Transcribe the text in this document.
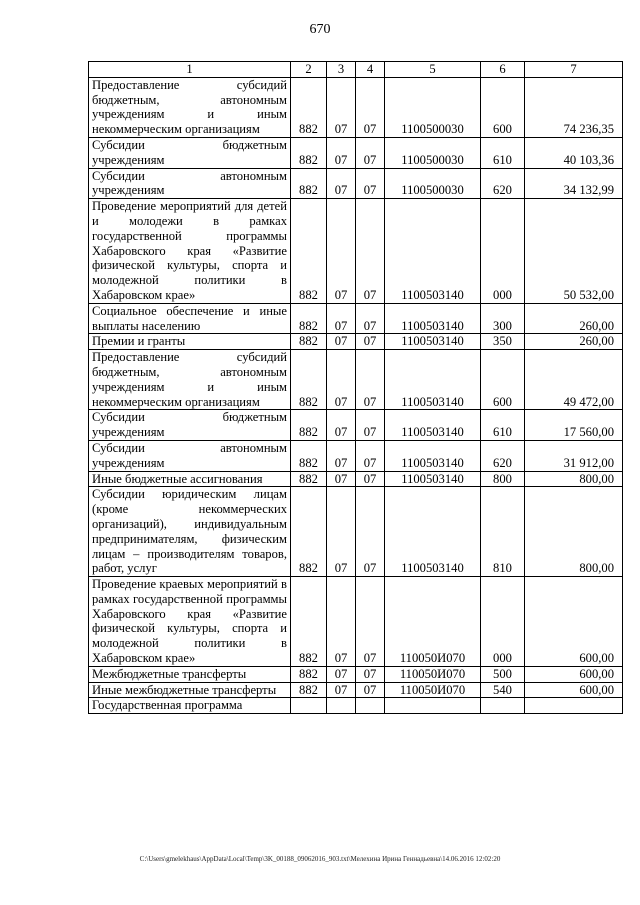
670
1	2	3	4	5	6	7
Предоставление субсидий бюджетным, автономным учреждениям и иным некоммерческим организациям	882	07	07	1100500030	600	74 236,35
Субсидии бюджетным учреждениям	882	07	07	1100500030	610	40 103,36
Субсидии автономным учреждениям	882	07	07	1100500030	620	34 132,99
Проведение мероприятий для детей и молодежи в рамках государственной программы Хабаровского края «Развитие физической культуры, спорта и молодежной политики в Хабаровском крае»	882	07	07	1100503140	000	50 532,00
Социальное обеспечение и иные выплаты населению	882	07	07	1100503140	300	260,00
Премии и гранты	882	07	07	1100503140	350	260,00
Предоставление субсидий бюджетным, автономным учреждениям и иным некоммерческим организациям	882	07	07	1100503140	600	49 472,00
Субсидии бюджетным учреждениям	882	07	07	1100503140	610	17 560,00
Субсидии автономным учреждениям	882	07	07	1100503140	620	31 912,00
Иные бюджетные ассигнования	882	07	07	1100503140	800	800,00
Субсидии юридическим лицам (кроме некоммерческих организаций), индивидуальным предпринимателям, физическим лицам – производителям товаров, работ, услуг	882	07	07	1100503140	810	800,00
Проведение краевых мероприятий в рамках государственной программы Хабаровского края «Развитие физической культуры, спорта и молодежной политики в Хабаровском крае»	882	07	07	110050И070	000	600,00
Межбюджетные трансферты	882	07	07	110050И070	500	600,00
Иные межбюджетные трансферты	882	07	07	110050И070	540	600,00
Государственная программа						
C:\Users\gmelekhaus\AppData\Local\Temp\3K_00188_09062016_903.txt\Мелехина Ирина Геннадьевна\14.06.2016 12:02:20
